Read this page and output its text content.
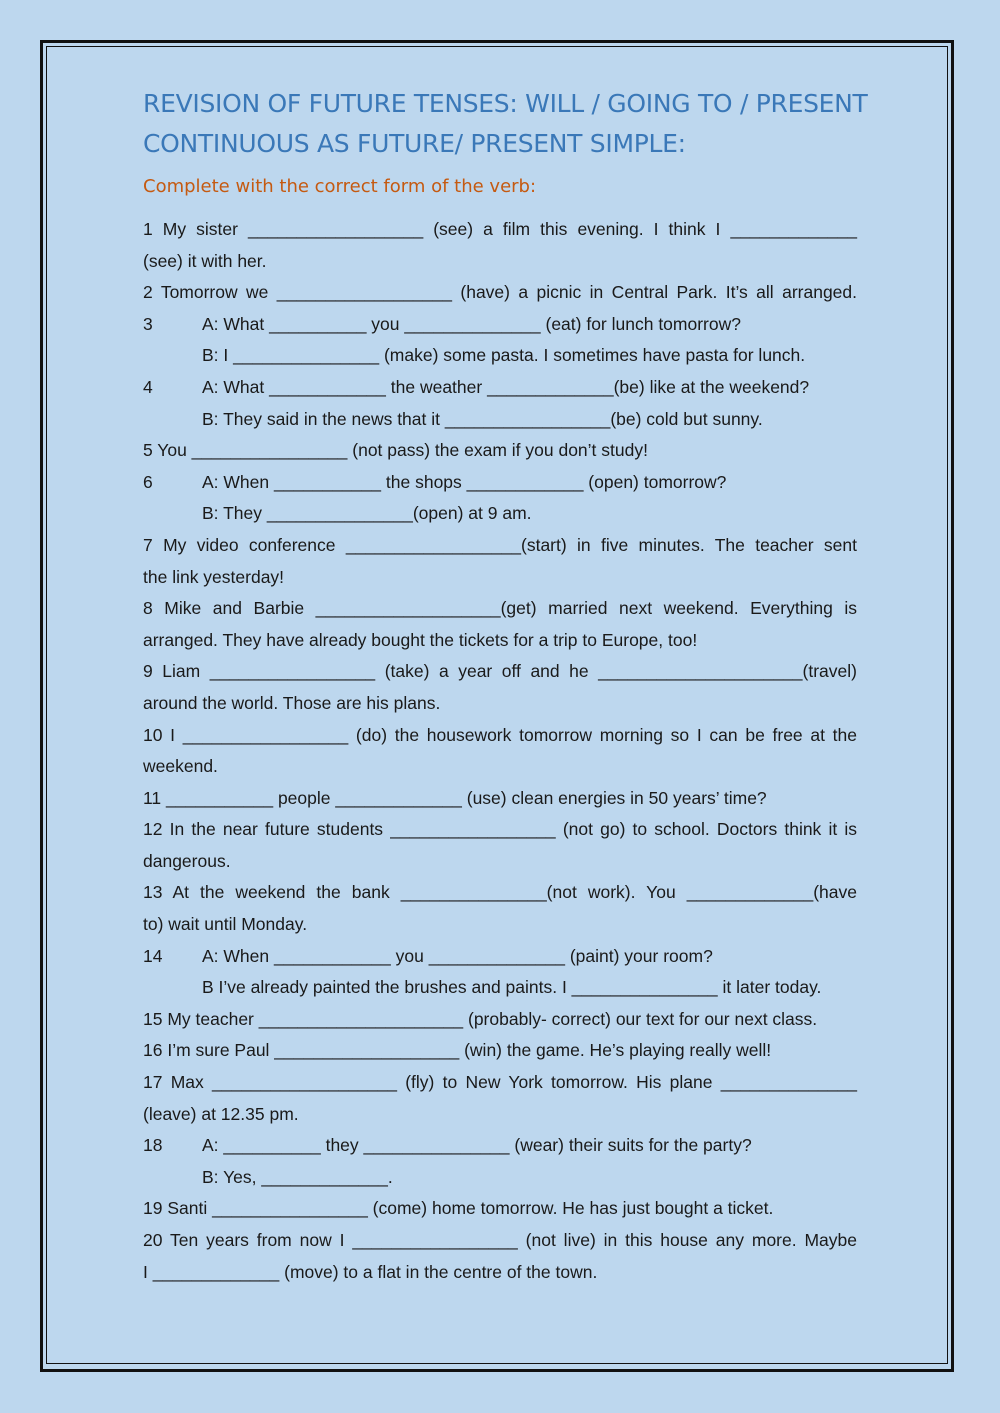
REVISION OF FUTURE TENSES: WILL / GOING TO / PRESENT CONTINUOUS AS FUTURE/ PRESENT SIMPLE:

Complete with the correct form of the verb:

1 My sister __________________ (see) a film this evening. I think I _____________
(see) it with her.
2 Tomorrow we __________________ (have) a picnic in Central Park. It’s all arranged.
3	A: What __________ you ______________ (eat) for lunch tomorrow?
B: I _______________ (make) some pasta. I sometimes have pasta for lunch.
4	A: What ____________ the weather _____________(be) like at the weekend?
B: They said in the news that it _________________(be) cold but sunny.
5 You ________________ (not pass) the exam if you don’t study!
6	A: When ___________ the shops ____________ (open) tomorrow?
B: They _______________(open) at 9 am.
7 My video conference __________________(start) in five minutes. The teacher sent
the link yesterday!
8 Mike and Barbie ___________________(get) married next weekend. Everything is
arranged. They have already bought the tickets for a trip to Europe, too!
9 Liam _________________ (take) a year off and he _____________________(travel)
around the world. Those are his plans.
10 I _________________ (do) the housework tomorrow morning so I can be free at the
weekend.
11 ___________ people _____________ (use) clean energies in 50 years’ time?
12 In the near future students _________________ (not go) to school. Doctors think it is
dangerous.
13 At the weekend the bank _______________(not work). You _____________(have
to) wait until Monday.
14 A: When ____________ you ______________ (paint) your room?
B I’ve already painted the brushes and paints. I _______________ it later today.
15 My teacher _____________________ (probably- correct) our text for our next class.
16 I’m sure Paul ___________________ (win) the game. He’s playing really well!
17 Max ___________________ (fly) to New York tomorrow. His plane ______________
(leave) at 12.35 pm.
18 A: __________ they _______________ (wear) their suits for the party?
B: Yes, _____________.
19 Santi ________________ (come) home tomorrow. He has just bought a ticket.
20 Ten years from now I _________________ (not live) in this house any more. Maybe
I _____________ (move) to a flat in the centre of the town.
